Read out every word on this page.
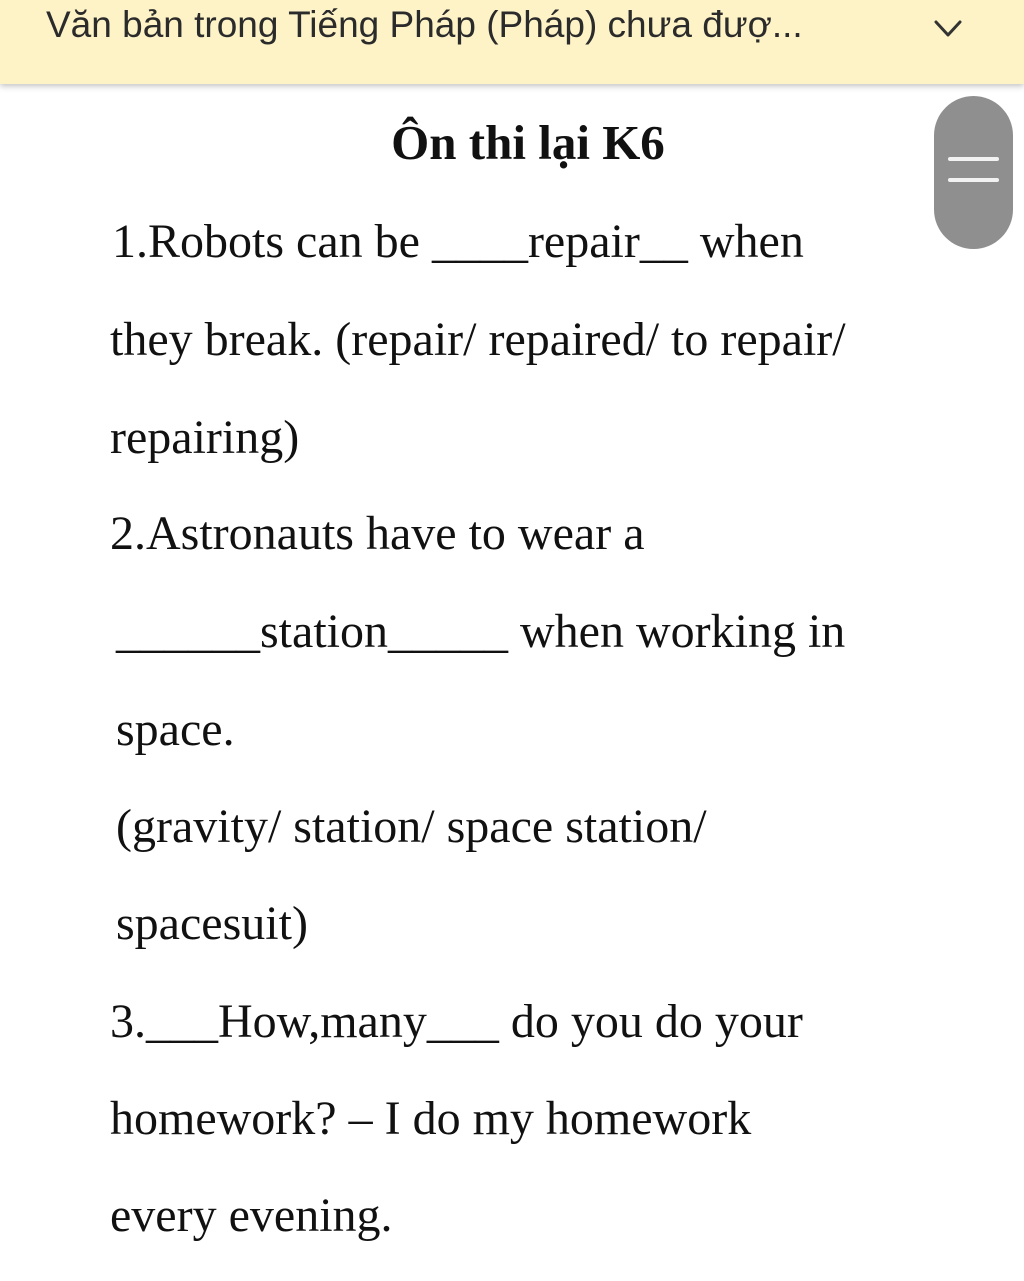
Văn bản trong Tiếng Pháp (Pháp) chưa đượ...
Ôn thi lại K6
1.Robots can be ____repair__ when
they break. (repair/ repaired/ to repair/
repairing)
2.Astronauts have to wear a
______station_____ when working in
space.
(gravity/ station/ space station/
spacesuit)
3.___How,many___ do you do your
homework? – I do my homework
every evening.
